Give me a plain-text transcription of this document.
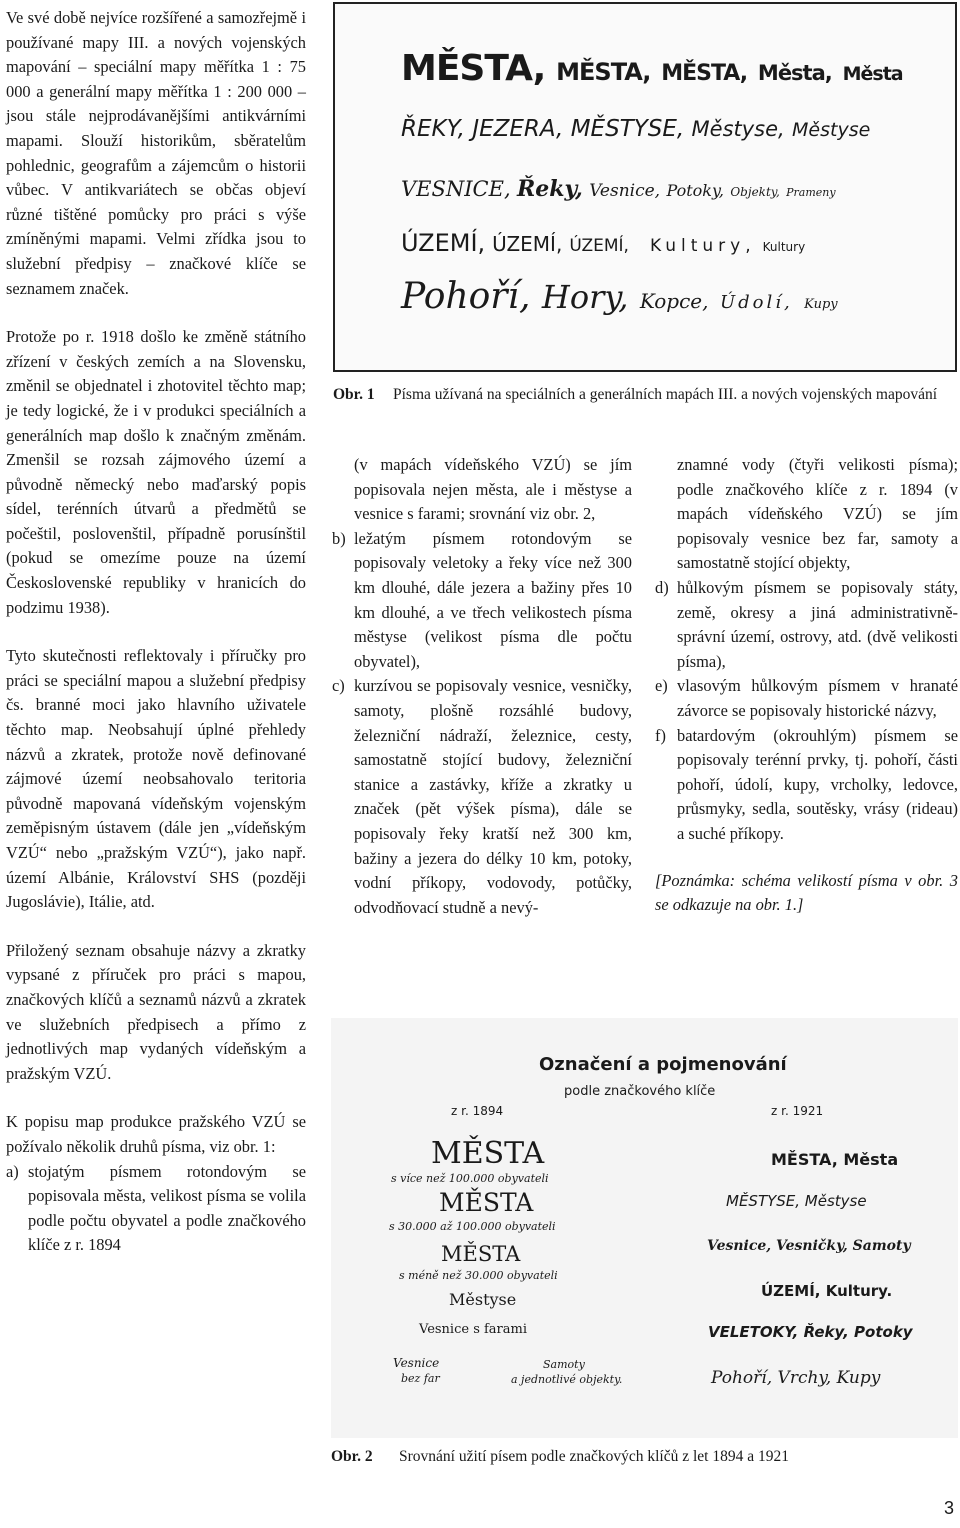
Ve své době nejvíce rozšířené a samozřejmě i používané mapy III. a nových vojenských mapování – speciální mapy měřítka 1 : 75 000 a generální mapy měřítka 1 : 200 000 – jsou stále nejprodávanějšími antikvárními mapami. Slouží historikům, sběratelům pohlednic, geografům a zájemcům o historii vůbec. V antikvariátech se občas objeví různé tištěné pomůcky pro práci s výše zmíněnými mapami. Velmi zřídka jsou to služební předpisy – značkové klíče se seznamem značek.

Protože po r. 1918 došlo ke změně státního zřízení v českých zemích a na Slovensku, změnil se objednatel i zhotovitel těchto map; je tedy logické, že i v produkci speciálních a generálních map došlo k značným změnám. Zmenšil se rozsah zájmového území a původně německý nebo maďarský popis sídel, terénních útvarů a předmětů se počeštil, poslovenštil, případně porusínštil (pokud se omezíme pouze na území Československé republiky v hranicích do podzimu 1938).

Tyto skutečnosti reflektovaly i příručky pro práci se speciální mapou a služební předpisy čs. branné moci jako hlavního uživatele těchto map. Neobsahují úplné přehledy názvů a zkratek, protože nově definované zájmové území neobsahovalo teritoria původně mapovaná vídeňským vojenským zeměpisným ústavem (dále jen „vídeňským VZÚ“ nebo „pražským VZÚ“), jako např. území Albánie, Království SHS (později Jugoslávie), Itálie, atd.

Přiložený seznam obsahuje názvy a zkratky vypsané z příruček pro práci s mapou, značkových klíčů a seznamů názvů a zkratek ve služebních předpisech a přímo z jednotlivých map vydaných vídeňským a pražským VZÚ.

K popisu map produkce pražského VZÚ se požívalo několik druhů písma, viz obr. 1:

a) stojatým písmem rotondovým se popisovala města, velikost písma se volila podle počtu obyvatel a podle značkového klíče z r. 1894
MĚSTA, MĚSTA, MĚSTA, Města, Města
ŘEKY, JEZERA, MĚSTYSE, Městyse, Městyse
VESNICE, Řeky, Vesnice, Potoky, Objekty, Prameny
ÚZEMÍ, ÚZEMÍ, ÚZEMÍ, Kultury, Kultury
Pohoří, Hory, Kopce, Údolí, Kupy
Obr. 1	Písma užívaná na speciálních a generálních mapách III. a nových vojenských mapování
(v mapách vídeňského VZÚ) se jím popisovala nejen města, ale i městyse a vesnice s farami; srovnání viz obr. 2,
b) ležatým písmem rotondovým se popisovaly veletoky a řeky více než 300 km dlouhé, dále jezera a bažiny přes 10 km dlouhé, a ve třech velikostech písma městyse (velikost písma dle počtu obyvatel),
c) kurzívou se popisovaly vesnice, vesničky, samoty, plošně rozsáhlé budovy, železniční nádraží, železnice, cesty, samostatně stojící budovy, železniční stanice a zastávky, kříže a zkratky u značek (pět výšek písma), dále se popisovaly řeky kratší než 300 km, bažiny a jezera do délky 10 km, potoky, vodní příkopy, vodovody, potůčky, odvodňovací studně a nevý-
znamné vody (čtyři velikosti písma); podle značkového klíče z r. 1894 (v mapách vídeňského VZÚ) se jím popisovaly vesnice bez far, samoty a samostatně stojící objekty,
d) hůlkovým písmem se popisovaly státy, země, okresy a jiná administrativně-správní území, ostrovy, atd. (dvě velikosti písma),
e) vlasovým hůlkovým písmem v hranaté závorce se popisovaly historické názvy,
f) batardovým (okrouhlým) písmem se popisovaly terénní prvky, tj. pohoří, části pohoří, údolí, kupy, vrcholky, ledovce, průsmyky, sedla, soutěsky, vrásy (rideau) a suché příkopy.
[Poznámka: schéma velikostí písma v obr. 3 se odkazuje na obr. 1.]
Označení a pojmenování
podle značkového klíče
z r. 1894	z r. 1921
MĚSTA
s více než 100.000 obyvateli
MĚSTA
s 30.000 až 100.000 obyvateli
MĚSTA
s méně než 30.000 obyvateli
Městyse
Vesnice s farami
Vesnice
bez far
Samoty
a jednotlivé objekty.
MĚSTA, Města
MĚSTYSE, Městyse
Vesnice, Vesničky, Samoty
ÚZEMÍ, Kultury.
VELETOKY, Řeky, Potoky
Pohoří, Vrchy, Kupy
Obr. 2	Srovnání užití písem podle značkových klíčů z let 1894 a 1921
3
